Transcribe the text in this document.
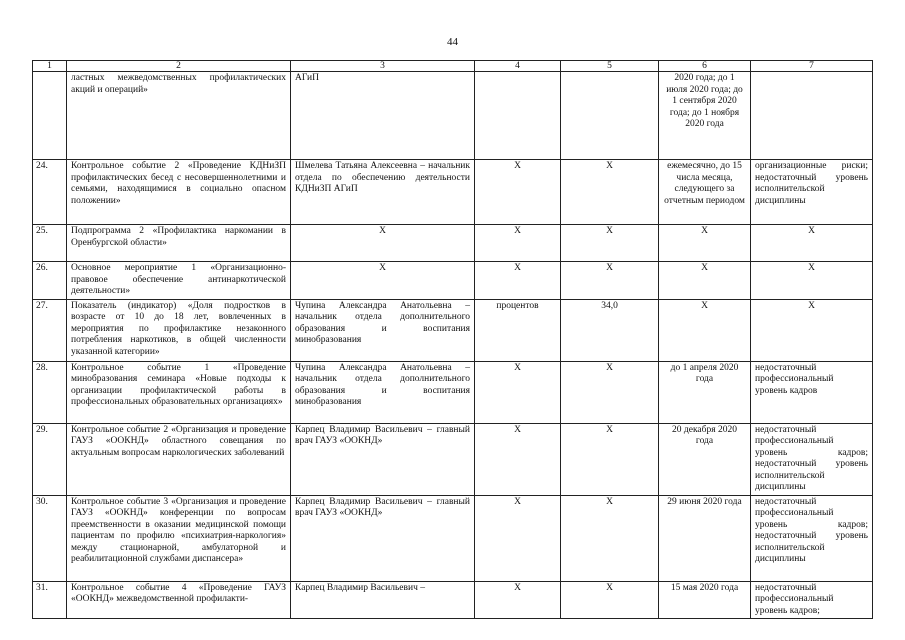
44
1	2	3	4	5	6	7
	ластных межведомственных профилактических акций и операций»	АГиП			2020 года; до 1 июля 2020 года; до 1 сентября 2020 года; до 1 ноября 2020 года	
24.	Контрольное событие 2 «Проведение КДНиЗП профилактических бесед с несовершеннолетними и семьями, находящимися в социально опасном положении»	Шмелева Татьяна Алексеевна – начальник отдела по обеспечению деятельности КДНиЗП АГиП	X	X	ежемесячно, до 15 числа месяца, следующего за отчетным периодом	организационные риски; недостаточный уровень исполнительской дисциплины
25.	Подпрограмма 2 «Профилактика наркомании в Оренбургской области»	X	X	X	X	X
26.	Основное мероприятие 1 «Организационно-правовое обеспечение антинаркотической деятельности»	X	X	X	X	X
27.	Показатель (индикатор) «Доля подростков в возрасте от 10 до 18 лет, вовлеченных в мероприятия по профилактике незаконного потребления наркотиков, в общей численности указанной категории»	Чупина Александра Анатольевна – начальник отдела дополнительного образования и воспитания минобразования	процентов	34,0	X	X
28.	Контрольное событие 1 «Проведение минобразования семинара «Новые подходы к организации профилактической работы в профессиональных образовательных организациях»	Чупина Александра Анатольевна – начальник отдела дополнительного образования и воспитания минобразования	X	X	до 1 апреля 2020 года	недостаточный профессиональный уровень кадров
29.	Контрольное событие 2 «Организация и проведение ГАУЗ «ООКНД» областного совещания по актуальным вопросам наркологических заболеваний	Карпец Владимир Васильевич – главный врач ГАУЗ «ООКНД»	X	X	20 декабря 2020 года	недостаточный профессиональный уровень кадров; недостаточный уровень исполнительской дисциплины
30.	Контрольное событие 3 «Организация и проведение ГАУЗ «ООКНД» конференции по вопросам преемственности в оказании медицинской помощи пациентам по профилю «психиатрия-наркология» между стационарной, амбулаторной и реабилитационной службами диспансера»	Карпец Владимир Васильевич – главный врач ГАУЗ «ООКНД»	X	X	29 июня 2020 года	недостаточный профессиональный уровень кадров; недостаточный уровень исполнительской дисциплины
31.	Контрольное событие 4 «Проведение ГАУЗ «ООКНД» межведомственной профилакти-	Карпец Владимир Васильевич –	X	X	15 мая 2020 года	недостаточный профессиональный уровень кадров;
